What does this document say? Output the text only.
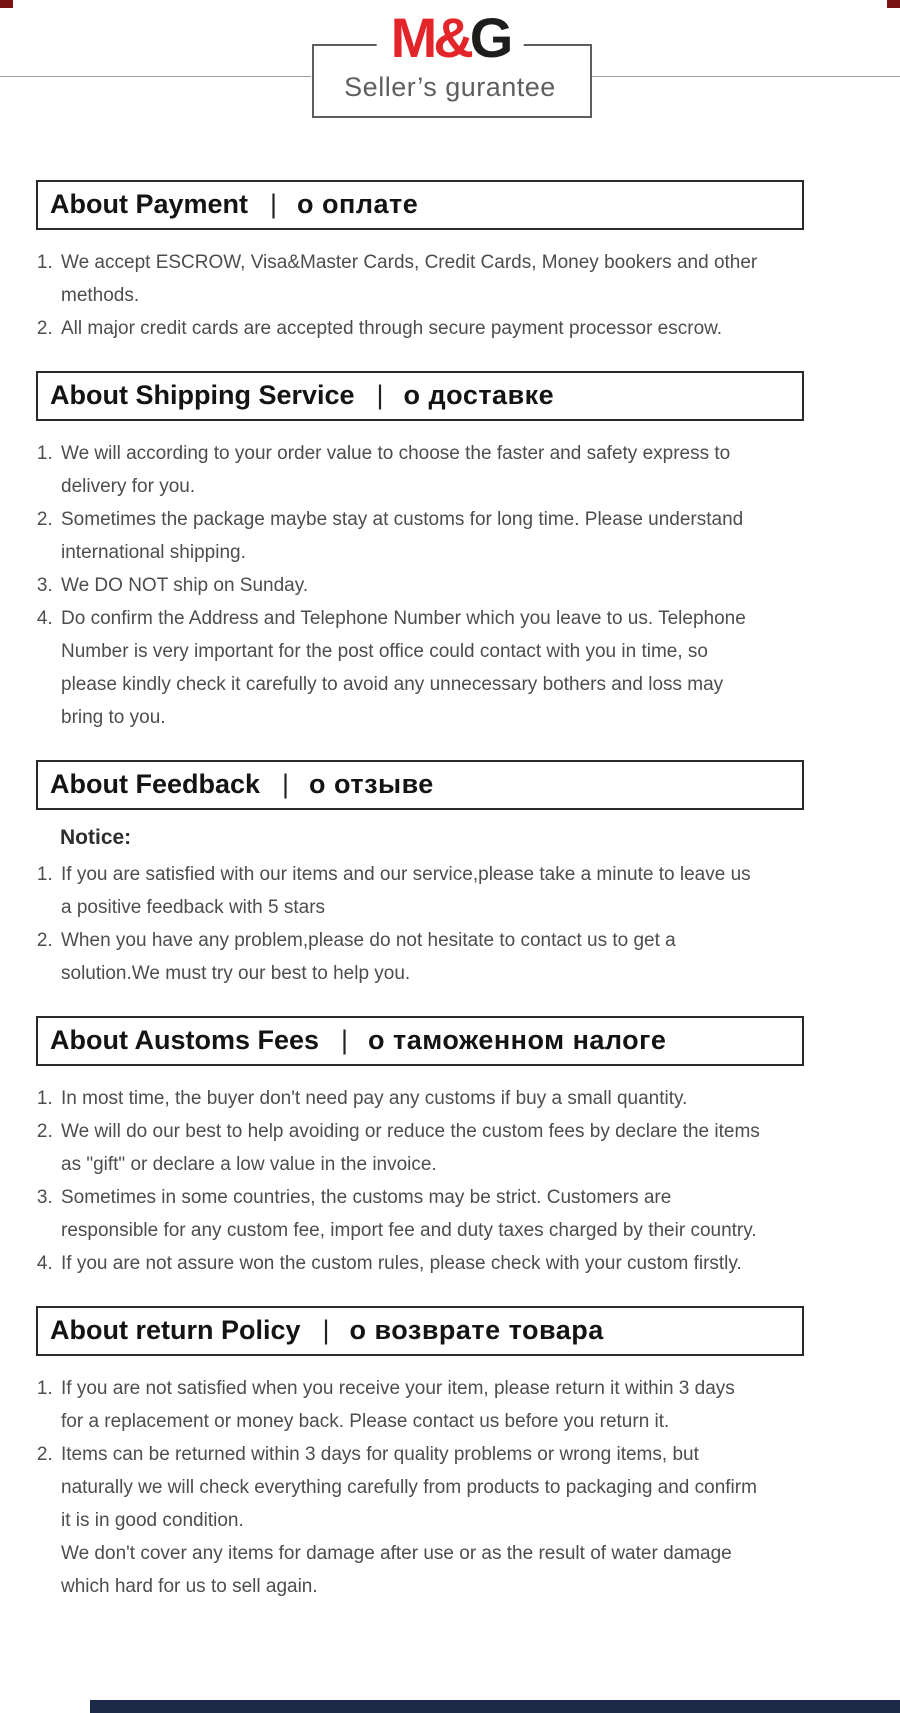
M&G
Seller’s gurantee
About Payment | о оплате
1. We accept ESCROW, Visa&Master Cards, Credit Cards, Money bookers and other methods.
2. All major credit cards are accepted through secure payment processor escrow.
About Shipping Service | о доставке
1. We will according to your order value to choose the faster and safety express to delivery for you.
2. Sometimes the package maybe stay at customs for long time. Please understand international shipping.
3. We DO NOT ship on Sunday.
4. Do confirm the Address and Telephone Number which you leave to us. Telephone Number is very important for the post office could contact with you in time, so please kindly check it carefully to avoid any unnecessary bothers and loss may bring to you.
About Feedback | о отзыве
Notice:
1. If you are satisfied with our items and our service,please take a minute to leave us a positive feedback with 5 stars
2. When you have any problem,please do not hesitate to contact us to get a solution.We must try our best to help you.
About Austoms Fees | о таможенном налоге
1. In most time, the buyer don't need pay any customs if buy a small quantity.
2. We will do our best to help avoiding or reduce the custom fees by declare the items as "gift" or declare a low value in the invoice.
3. Sometimes in some countries, the customs may be strict. Customers are responsible for any custom fee, import fee and duty taxes charged by their country.
4. If you are not assure won the custom rules, please check with your custom firstly.
About return Policy | о возврате товара
1. If you are not satisfied when you receive your item, please return it within 3 days for a replacement or money back. Please contact us before you return it.
2. Items can be returned within 3 days for quality problems or wrong items, but naturally we will check everything carefully from products to packaging and confirm it is in good condition.

We don't cover any items for damage after use or as the result of water damage which hard for us to sell again.
